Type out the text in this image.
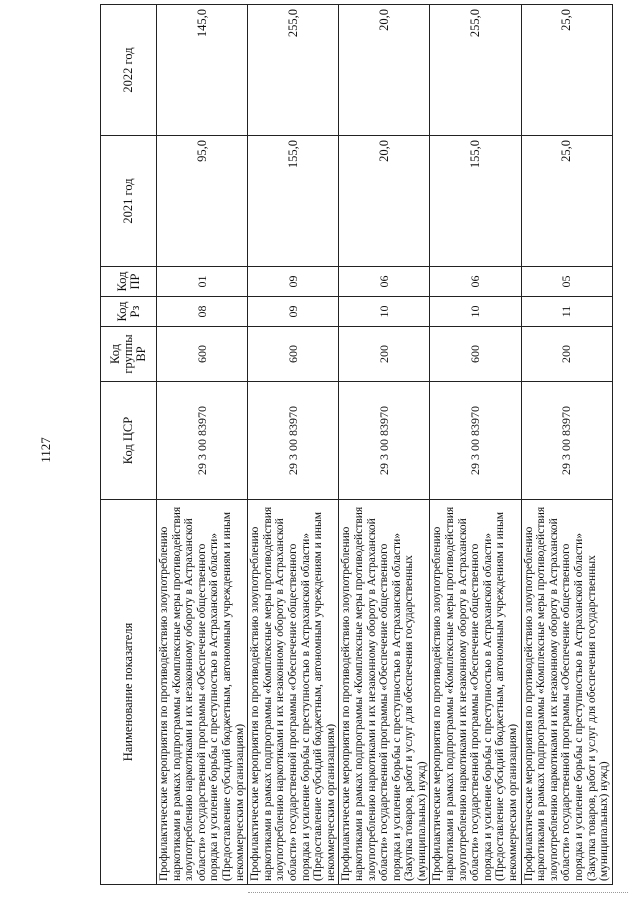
1127
Наименование показателя	Код ЦСР	Код группы ВР	Код Рз	Код ПР	2021 год	2022 год
Профилактические мероприятия по противодействию злоупотреблению наркотиками в рамках подпрограммы «Комплексные меры противодействия злоупотреблению наркотиками и их незаконному обороту в Астраханской области» государственной программы «Обеспечение общественного порядка и усиление борьбы с преступностью в Астраханской области» (Предоставление субсидий бюджетным, автономным учреждениям и иным некоммерческим организациям)	29 3 00 83970	600	08	01	95,0	145,0
Профилактические мероприятия по противодействию злоупотреблению наркотиками в рамках подпрограммы «Комплексные меры противодействия злоупотреблению наркотиками и их незаконному обороту в Астраханской области» государственной программы «Обеспечение общественного порядка и усиление борьбы с преступностью в Астраханской области» (Предоставление субсидий бюджетным, автономным учреждениям и иным некоммерческим организациям)	29 3 00 83970	600	09	09	155,0	255,0
Профилактические мероприятия по противодействию злоупотреблению наркотиками в рамках подпрограммы «Комплексные меры противодействия злоупотреблению наркотиками и их незаконному обороту в Астраханской области» государственной программы «Обеспечение общественного порядка и усиление борьбы с преступностью в Астраханской области» (Закупка товаров, работ и услуг для обеспечения государственных (муниципальных) нужд)	29 3 00 83970	200	10	06	20,0	20,0
Профилактические мероприятия по противодействию злоупотреблению наркотиками в рамках подпрограммы «Комплексные меры противодействия злоупотреблению наркотиками и их незаконному обороту в Астраханской области» государственной программы «Обеспечение общественного порядка и усиление борьбы с преступностью в Астраханской области» (Предоставление субсидий бюджетным, автономным учреждениям и иным некоммерческим организациям)	29 3 00 83970	600	10	06	155,0	255,0
Профилактические мероприятия по противодействию злоупотреблению наркотиками в рамках подпрограммы «Комплексные меры противодействия злоупотреблению наркотиками и их незаконному обороту в Астраханской области» государственной программы «Обеспечение общественного порядка и усиление борьбы с преступностью в Астраханской области» (Закупка товаров, работ и услуг для обеспечения государственных (муниципальных) нужд)	29 3 00 83970	200	11	05	25,0	25,0
